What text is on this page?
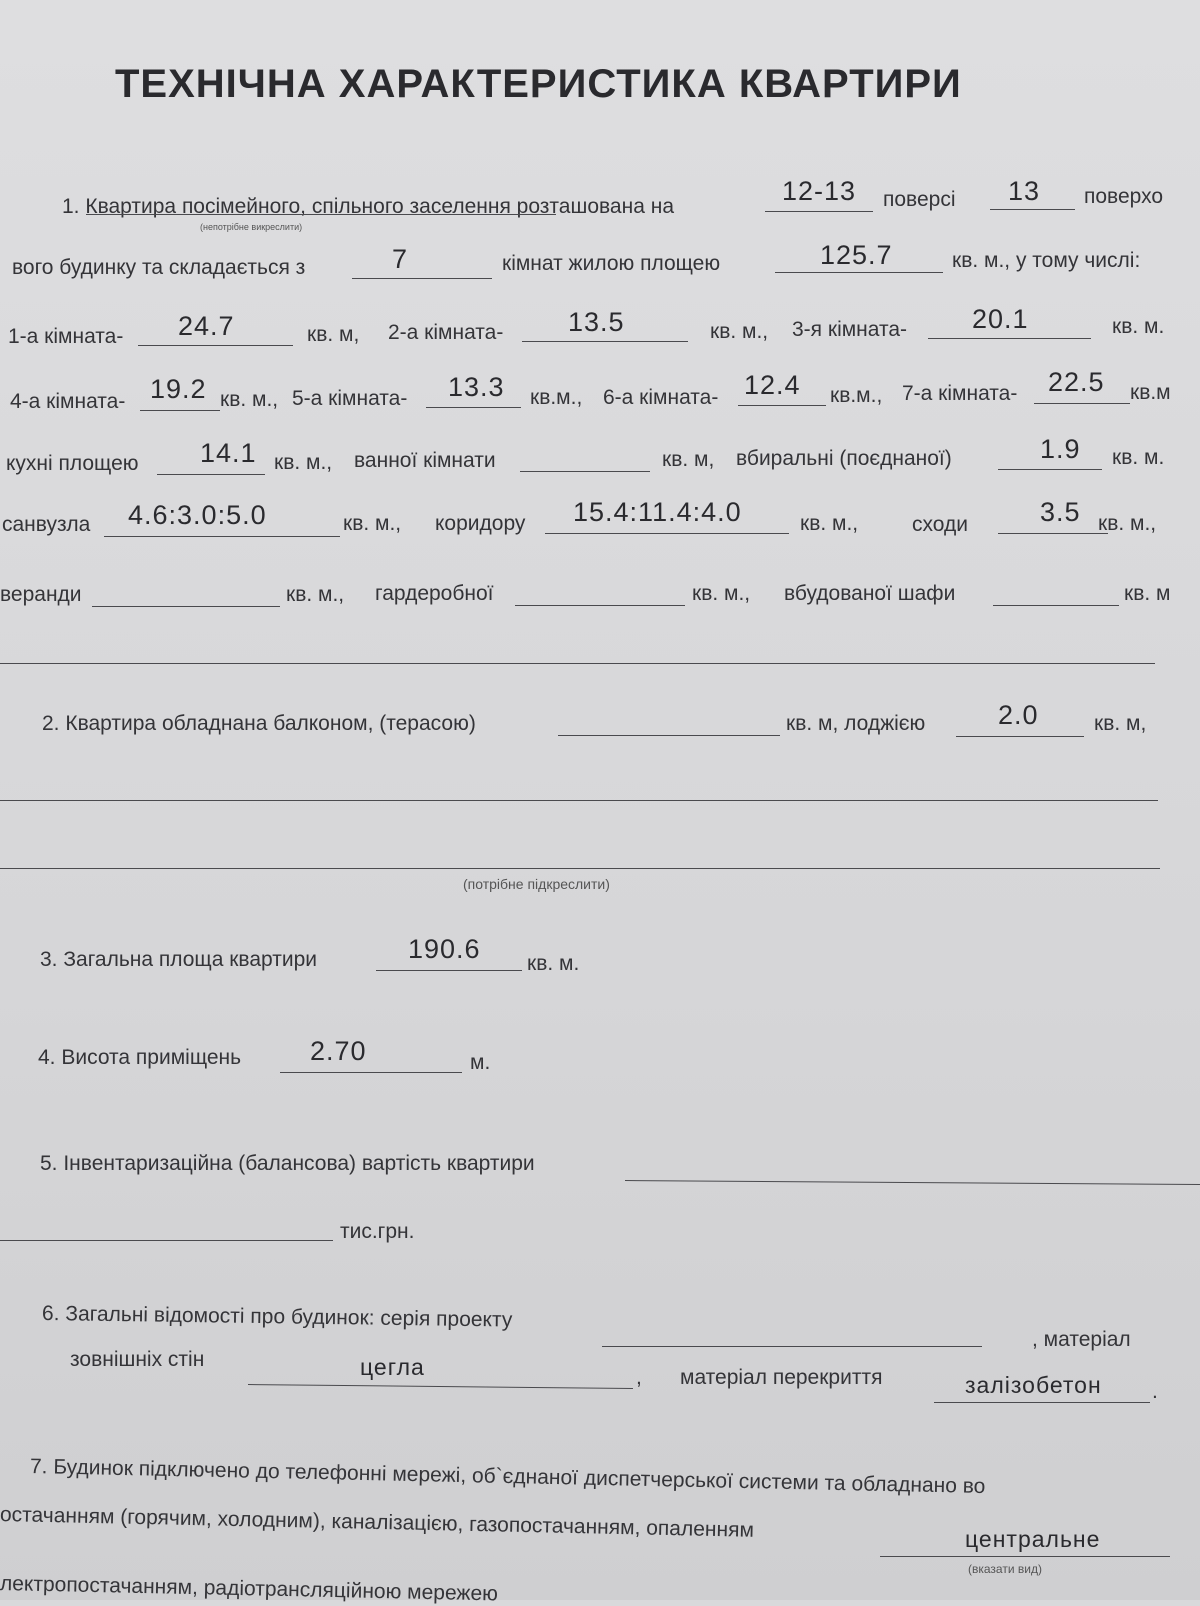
ТЕХНІЧНА ХАРАКТЕРИСТИКА КВАРТИРИ
1. Квартира посімейного, спільного заселення розташована на
(непотрібне викреслити)
12-13 поверсі 13 поверхо
вого будинку та складається з	7	кімнат жилою площею	125.7	кв. м., у тому числі:
1-а кімната- 24.7	кв. м, 2-а кімната- 13.5	кв. м., 3-я кімната- 20.1	кв. м.
4-а кімната- 19.2 кв. м., 5-а кімната- 13.3 кв.м., 6-а кімната- 12.4 кв.м., 7-а кімната- 22.5 кв.м
кухні площею 14.1 кв. м., ванної кімнати	кв. м, вбиральні (поєднаної)	1.9 кв. м.
санвузла 4.6:3.0:5.0	кв. м., коридору 15.4:11.4:4.0	кв. м.,	сходи	3.5 кв. м.,
веранди	кв. м., гардеробної	кв. м., вбудованої шафи	кв. м
2. Квартира обладнана балконом, (терасою)	кв. м, лоджією	2.0	кв. м,
(потрібне підкреслити)
3. Загальна площа квартири	190.6 кв. м.
4. Висота приміщень	2.70	м.
5. Інвентаризаційна (балансова) вартість квартири
тис.грн.
6. Загальні відомості про будинок: серія проекту
, матеріал
зовнішніх стін	цегла	, матеріал перекриття	залізобетон .
7. Будинок підключено до телефонні мережі, об`єднаної диспетчерської системи та обладнано во
остачанням (горячим, холодним), каналізацією, газопостачанням, опаленням	центральне
лектропостачанням, радіотрансляційною мережею
(вказати вид)
